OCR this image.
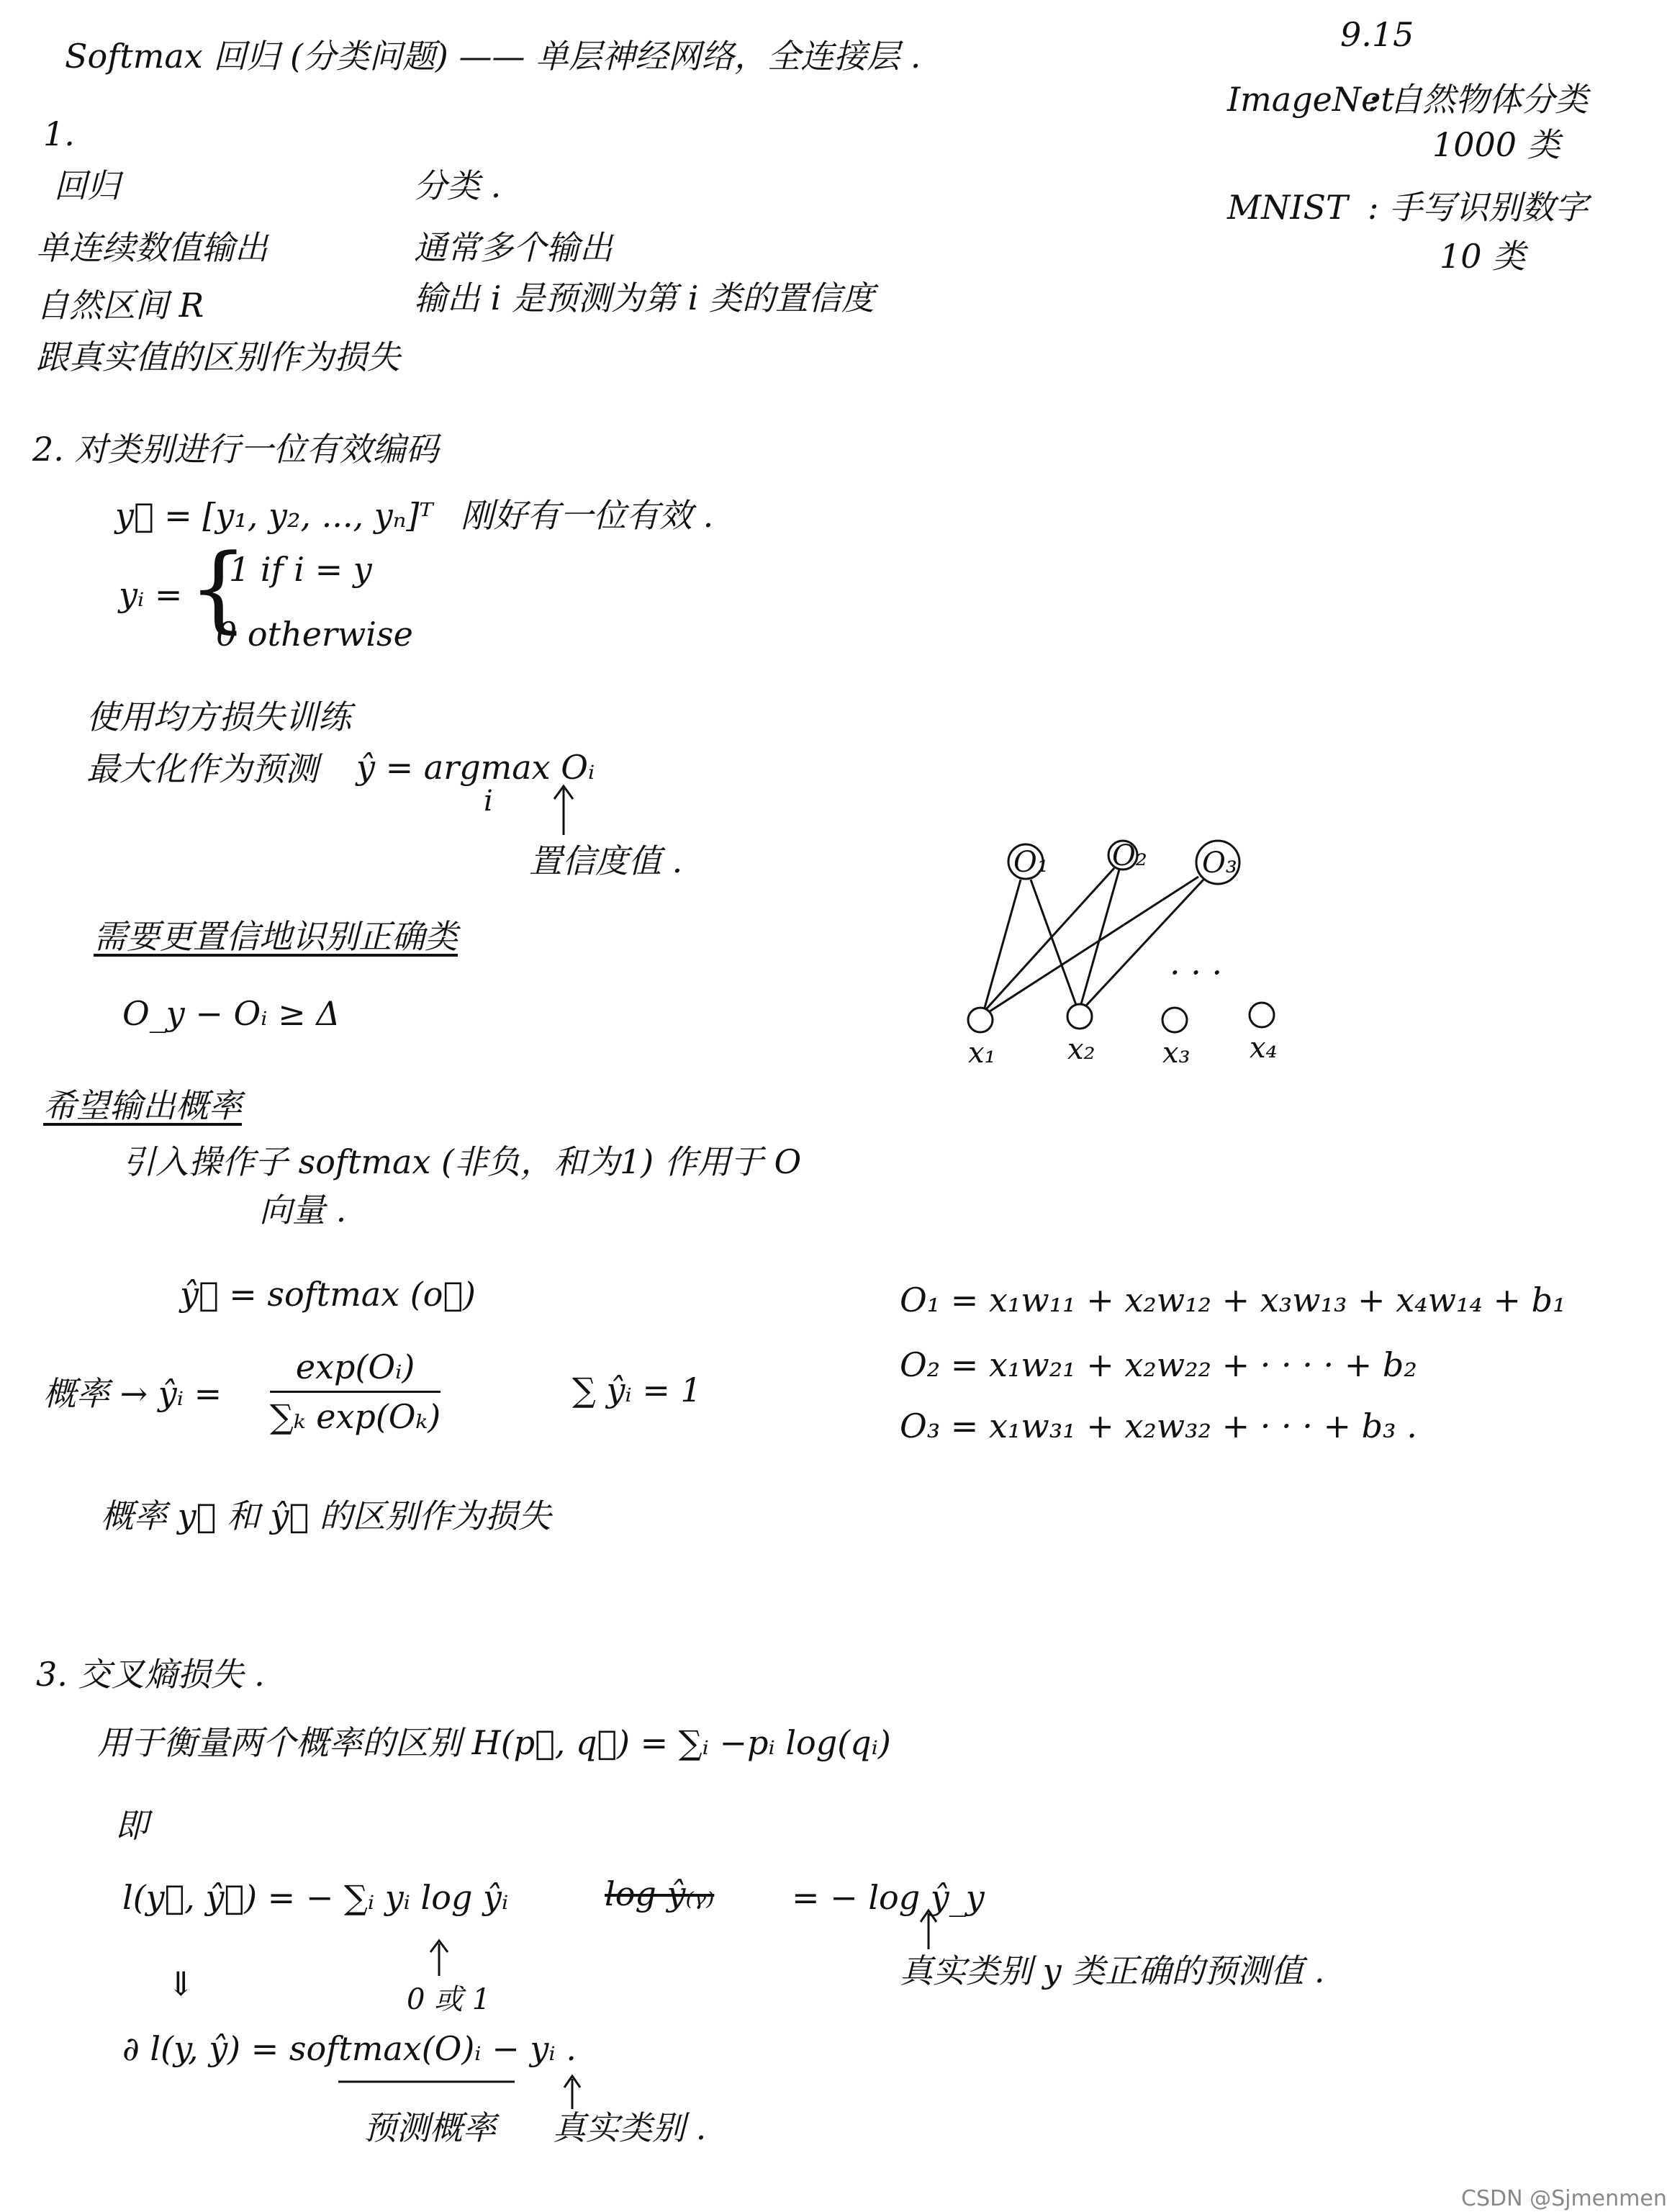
Softmax 回归 (分类问题) —— 单层神经网络，全连接层 .
9.15
ImageNet
: 自然物体分类
1000 类
MNIST : 手写识别数字
10 类
1.
回归
单连续数值输出
自然区间 R
跟真实值的区别作为损失
分类 .
通常多个输出
输出 i 是预测为第 i 类的置信度
2. 对类别进行一位有效编码
y⃗ = [y₁, y₂, ..., yₙ]ᵀ 刚好有一位有效 .
yᵢ = {
1 if i = y
0 otherwise
使用均方损失训练
最大化作为预测 ŷ = argmax Oᵢ
i
置信度值 .
需要更置信地识别正确类
O_y − Oᵢ ≥ Δ
希望输出概率
引入操作子 softmax (非负，和为1) 作用于 O
向量 .
ŷ⃗ = softmax (o⃗)
概率 → ŷᵢ = $\frac{\text{exp(Oᵢ)}}{\text{∑ₖ exp(Oₖ)}}$	∑ ŷᵢ = 1
概率 y⃗ 和 ŷ⃗ 的区别作为损失
O₁ O₂ O₃
x₁ x₂ x₃ x₄
· · ·
O₁ = x₁w₁₁ + x₂w₁₂ + x₃w₁₃ + x₄w₁₄ + b₁
O₂ = x₁w₂₁ + x₂w₂₂ + · · · · + b₂
O₃ = x₁w₃₁ + x₂w₃₂ + · · · + b₃ .
3. 交叉熵损失 .
用于衡量两个概率的区别 H(p⃗, q⃗) = ∑ᵢ −pᵢ log(qᵢ)
即
l(y⃗, ŷ⃗) = − ∑ᵢ yᵢ log ŷᵢ	log ŷ₍ᵧ₎ = − log ŷ_y
0 或 1
真实类别 y 类正确的预测值 .
⇓
∂ l(y, ŷ) = softmax(O)ᵢ − yᵢ .
预测概率 真实类别 .
CSDN @Sjmenmen
